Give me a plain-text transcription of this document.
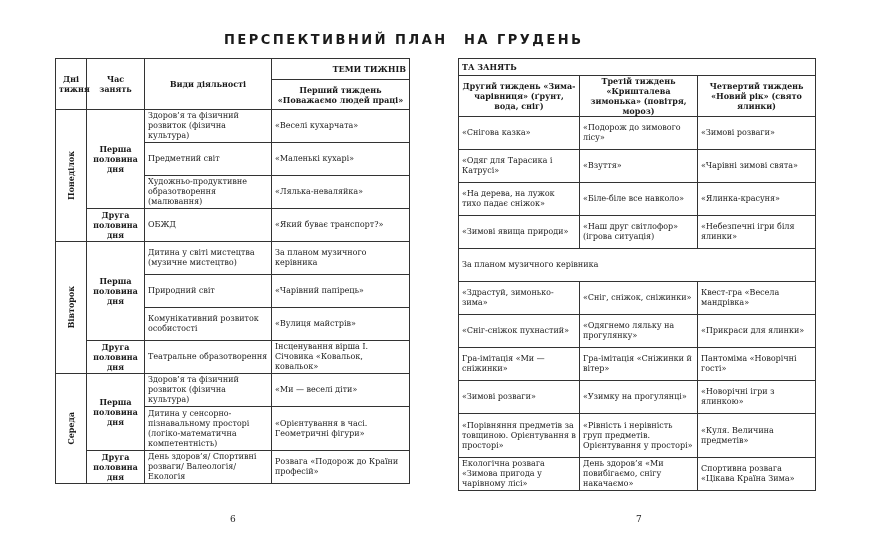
ПЕРСПЕКТИВНИЙ ПЛАН НА ГРУДЕНЬ
Дні тижня	Час занять	Види діяльності	ТЕМИ ТИЖНІВ
			Перший тиждень «Поважаємо людей праці»

Понеділок	Перша половина дня	Здоров’я та фізичний розвиток (фізична культура)	«Веселі кухарчата»
		Предметний світ	«Маленькі кухарі»
		Художньо-продуктивне образотворення (малювання)	«Лялька-неваляйка»
	Друга половина дня	ОБЖД	«Який буває транспорт?»

Вівторок	Перша половина дня	Дитина у світі мистецтва (музичне мистецтво)	За планом музичного керівника
		Природний світ	«Чарівний папірець»
		Комунікативний розвиток особистості	«Вулиця майстрів»
	Друга половина дня	Театральне образотворення	Інсценування вірша І. Січовика «Ковальок, ковальок»

Середа	Перша половина дня	Здоров’я та фізичний розвиток (фізична культура)	«Ми — веселі діти»
		Дитина у сенсорно-пізнавальному просторі (логіко-математична компетентність)	«Орієнтування в часі. Геометричні фігури»
	Друга половина дня	День здоров’я/ Спортивні розваги/ Валеологія/ Екологія	Розвага «Подорож до Країни професій»
ТА ЗАНЯТЬ		
Другий тиждень «Зима-чарівниця» (ґрунт, вода, сніг)	Третій тиждень «Кришталева зимонька» (повітря, мороз)	Четвертий тиждень «Новий рік» (свято ялинки)
«Снігова казка»	«Подорож до зимового лісу»	«Зимові розваги»
«Одяг для Тарасика і Катрусі»	«Взуття»	«Чарівні зимові свята»
«На дерева, на лужок тихо падає сніжок»	«Біле-біле все навколо»	«Ялинка-красуня»
«Зимові явища природи»	«Наш друг світлофор» (ігрова ситуація)	«Небезпечні ігри біля ялинки»
За планом музичного керівника		
«Здрастуй, зимонько-зима»	«Сніг, сніжок, сніжинки»	Квест-гра «Весела мандрівка»
«Сніг-сніжок пухнастий»	«Одягнемо ляльку на прогулянку»	«Прикраси для ялинки»
Гра-імітація «Ми — сніжинки»	Гра-імітація «Сніжинки й вітер»	Пантоміма «Новорічні гості»
«Зимові розваги»	«Узимку на прогулянці»	«Новорічні ігри з ялинкою»
«Порівняння предметів за товщиною. Орієнтування в просторі»	«Рівність і нерівність груп предметів. Орієнтування у просторі»	«Куля. Величина предметів»
Екологічна розвага «Зимова пригода у чарівному лісі»	День здоров’я «Ми повибігаємо, снігу накачаємо»	Спортивна розвага «Цікава Країна Зима»
6	7
